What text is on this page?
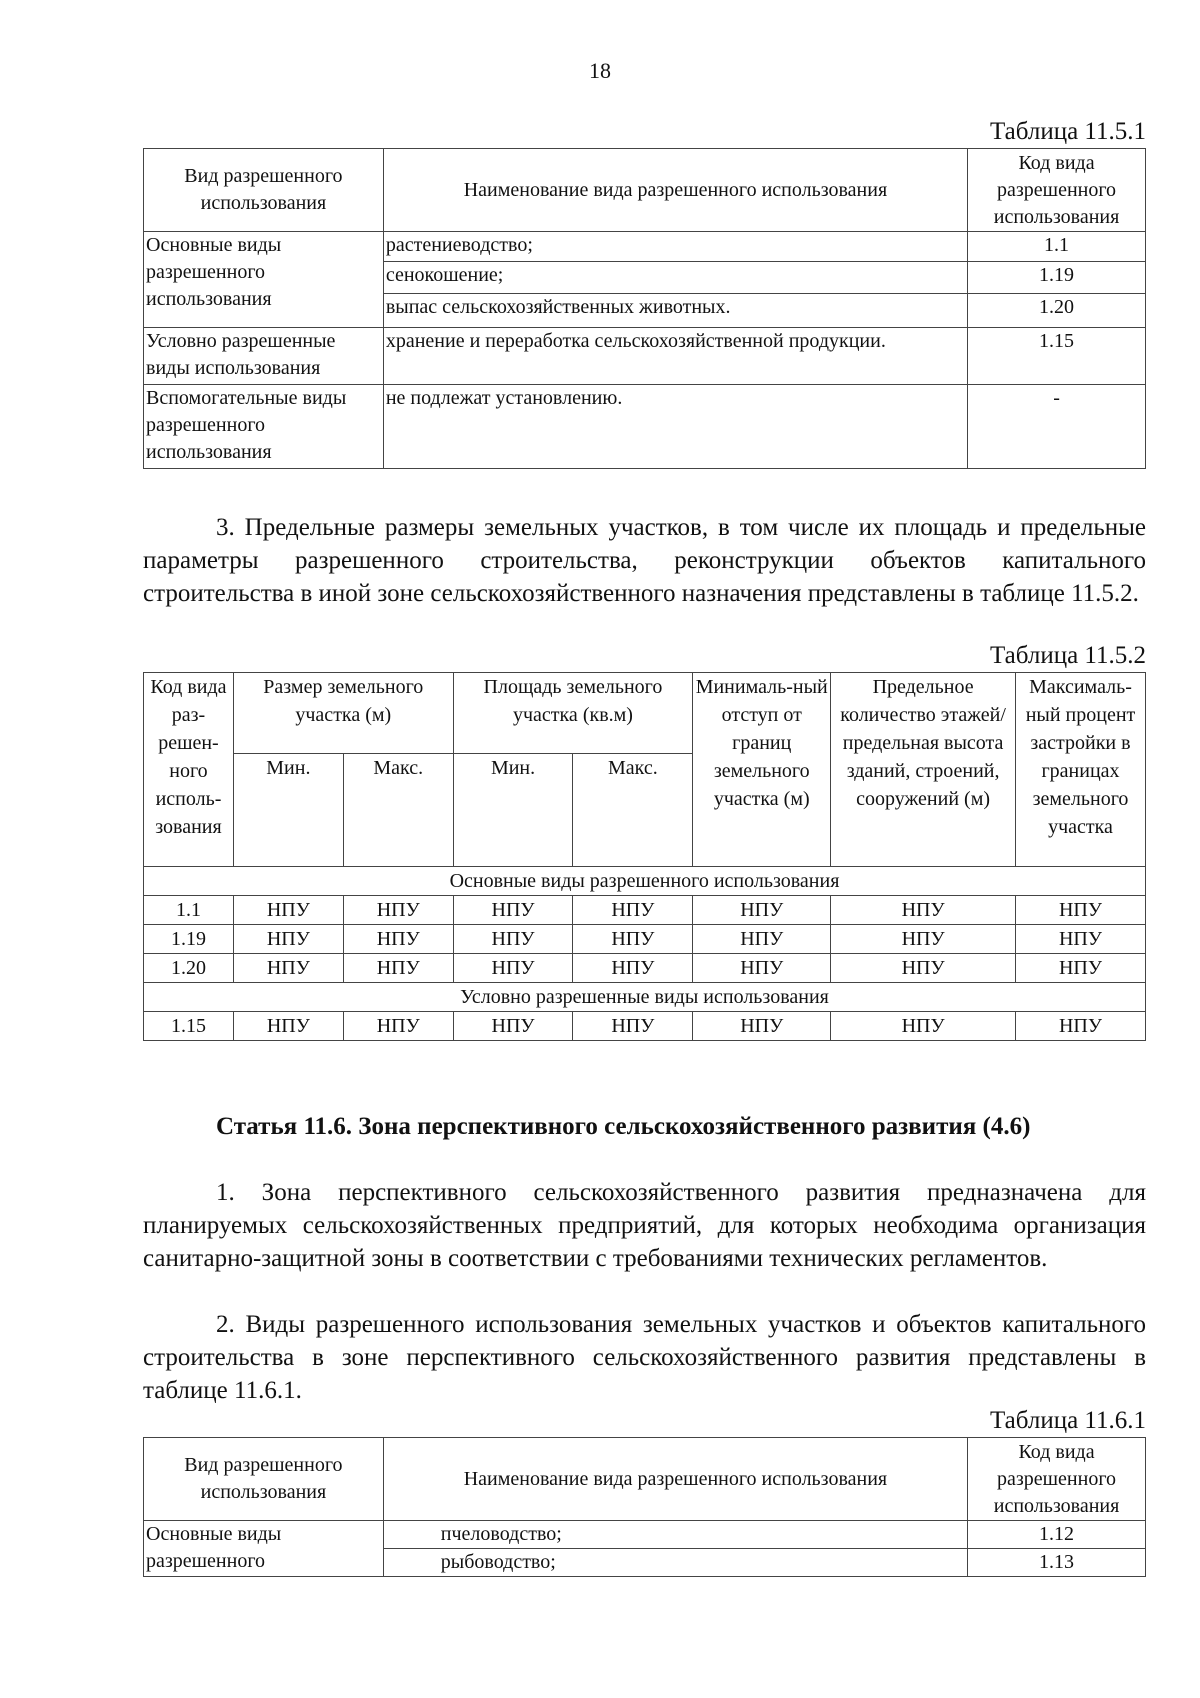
18
Таблица 11.5.1
Вид разрешенного использования	Наименование вида разрешенного использования	Код вида разрешенного использования
Основные виды разрешенного использования	растениеводство;	1.1
	сенокошение;	1.19
	выпас сельскохозяйственных животных.	1.20
Условно разрешенные виды использования	хранение и переработка сельскохозяйственной продукции.	1.15
Вспомогательные виды разрешенного использования	не подлежат установлению.	-

3. Предельные размеры земельных участков, в том числе их площадь и предельные параметры разрешенного строительства, реконструкции объектов капитального строительства в иной зоне сельскохозяйственного назначения представлены в таблице 11.5.2.

Таблица 11.5.2
Код вида раз-решен-ного исполь-зования	Размер земельного участка (м)		Площадь земельного участка (кв.м)		Минималь-ный отступ от границ земельного участка (м)	Предельное количество этажей/ предельная высота зданий, строений, сооружений (м)	Максималь-ный процент застройки в границах земельного участка
	Мин.	Макс.	Мин.	Макс.			
Основные виды разрешенного использования							
1.1	НПУ	НПУ	НПУ	НПУ	НПУ	НПУ	НПУ
1.19	НПУ	НПУ	НПУ	НПУ	НПУ	НПУ	НПУ
1.20	НПУ	НПУ	НПУ	НПУ	НПУ	НПУ	НПУ
Условно разрешенные виды использования							
1.15	НПУ	НПУ	НПУ	НПУ	НПУ	НПУ	НПУ

Статья 11.6. Зона перспективного сельскохозяйственного развития (4.6)

1. Зона перспективного сельскохозяйственного развития предназначена для планируемых сельскохозяйственных предприятий, для которых необходима организация санитарно-защитной зоны в соответствии с требованиями технических регламентов.

2. Виды разрешенного использования земельных участков и объектов капитального строительства в зоне перспективного сельскохозяйственного развития представлены в таблице 11.6.1.

Таблица 11.6.1
Вид разрешенного использования	Наименование вида разрешенного использования	Код вида разрешенного использования
Основные виды разрешенного	пчеловодство;	1.12
	рыбоводство;	1.13
